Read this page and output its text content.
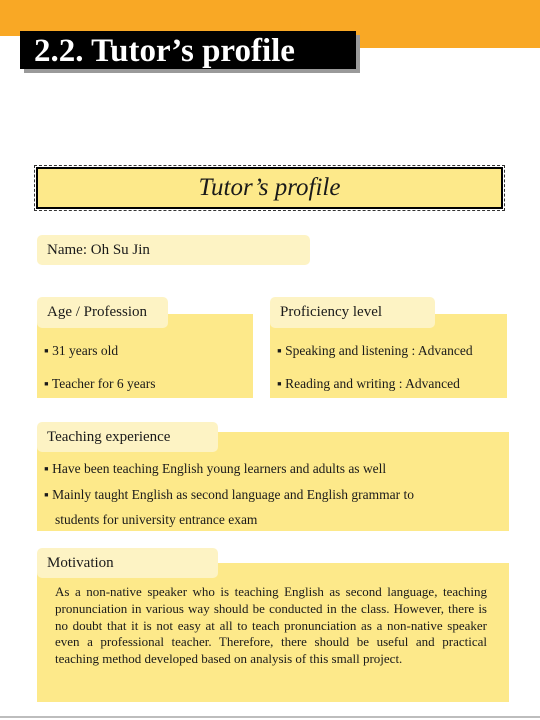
2.2. Tutor’s profile
Tutor’s profile
Name: Oh Su Jin
Age / Profession
▪ 31 years old
▪ Teacher for 6 years
Proficiency level
▪ Speaking and listening : Advanced
▪ Reading and writing : Advanced
Teaching experience
▪ Have been teaching English young learners and adults as well
▪ Mainly taught English as second language and English grammar to
students for university entrance exam
Motivation
As a non-native speaker who is teaching English as second language, teaching pronunciation in various way should be conducted in the class. However, there is no doubt that it is not easy at all to teach pronunciation as a non-native speaker even a professional teacher. Therefore, there should be useful and practical teaching method developed based on analysis of this small project.
